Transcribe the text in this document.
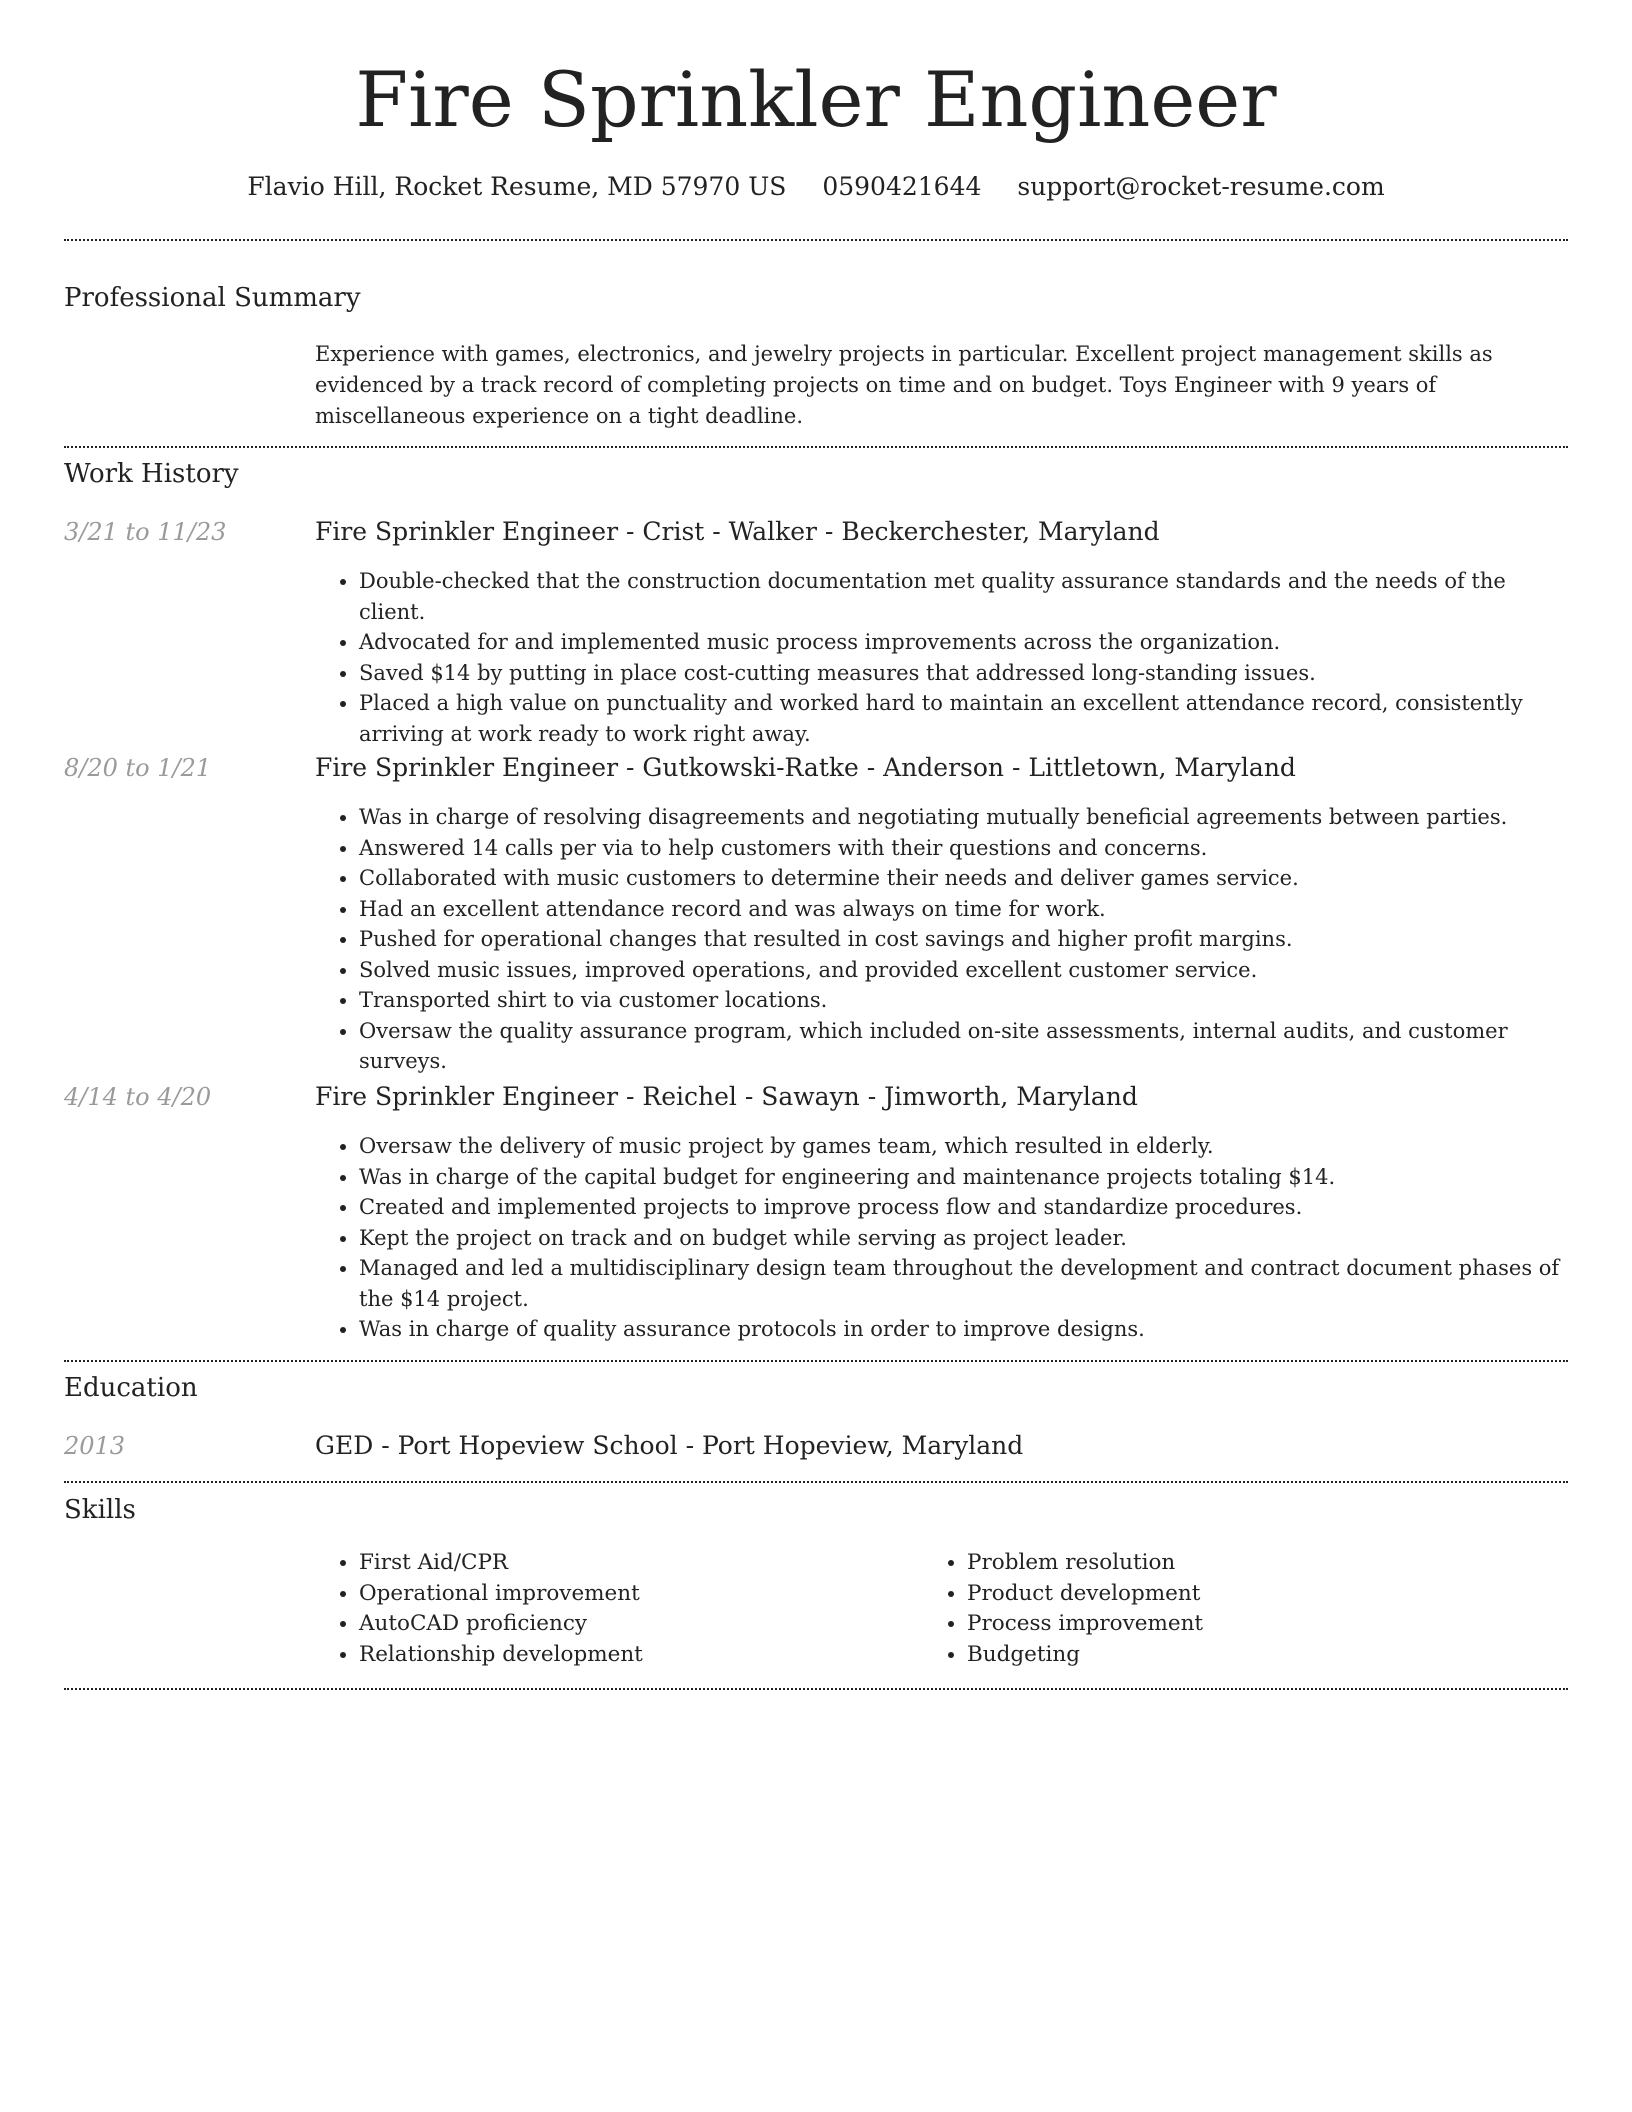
Fire Sprinkler Engineer
Flavio Hill, Rocket Resume, MD 57970 US 0590421644 support@rocket-resume.com
Professional Summary
Experience with games, electronics, and jewelry projects in particular. Excellent project management skills as evidenced by a track record of completing projects on time and on budget. Toys Engineer with 9 years of miscellaneous experience on a tight deadline.
Work History
3/21 to 11/23	Fire Sprinkler Engineer - Crist - Walker - Beckerchester, Maryland
• Double-checked that the construction documentation met quality assurance standards and the needs of the client.
• Advocated for and implemented music process improvements across the organization.
• Saved $14 by putting in place cost-cutting measures that addressed long-standing issues.
• Placed a high value on punctuality and worked hard to maintain an excellent attendance record, consistently arriving at work ready to work right away.
8/20 to 1/21	Fire Sprinkler Engineer - Gutkowski-Ratke - Anderson - Littletown, Maryland
• Was in charge of resolving disagreements and negotiating mutually beneficial agreements between parties.
• Answered 14 calls per via to help customers with their questions and concerns.
• Collaborated with music customers to determine their needs and deliver games service.
• Had an excellent attendance record and was always on time for work.
• Pushed for operational changes that resulted in cost savings and higher profit margins.
• Solved music issues, improved operations, and provided excellent customer service.
• Transported shirt to via customer locations.
• Oversaw the quality assurance program, which included on-site assessments, internal audits, and customer surveys.
4/14 to 4/20	Fire Sprinkler Engineer - Reichel - Sawayn - Jimworth, Maryland
• Oversaw the delivery of music project by games team, which resulted in elderly.
• Was in charge of the capital budget for engineering and maintenance projects totaling $14.
• Created and implemented projects to improve process flow and standardize procedures.
• Kept the project on track and on budget while serving as project leader.
• Managed and led a multidisciplinary design team throughout the development and contract document phases of the $14 project.
• Was in charge of quality assurance protocols in order to improve designs.
Education
2013	GED - Port Hopeview School - Port Hopeview, Maryland
Skills
• First Aid/CPR
• Operational improvement
• AutoCAD proficiency
• Relationship development
• Problem resolution
• Product development
• Process improvement
• Budgeting
